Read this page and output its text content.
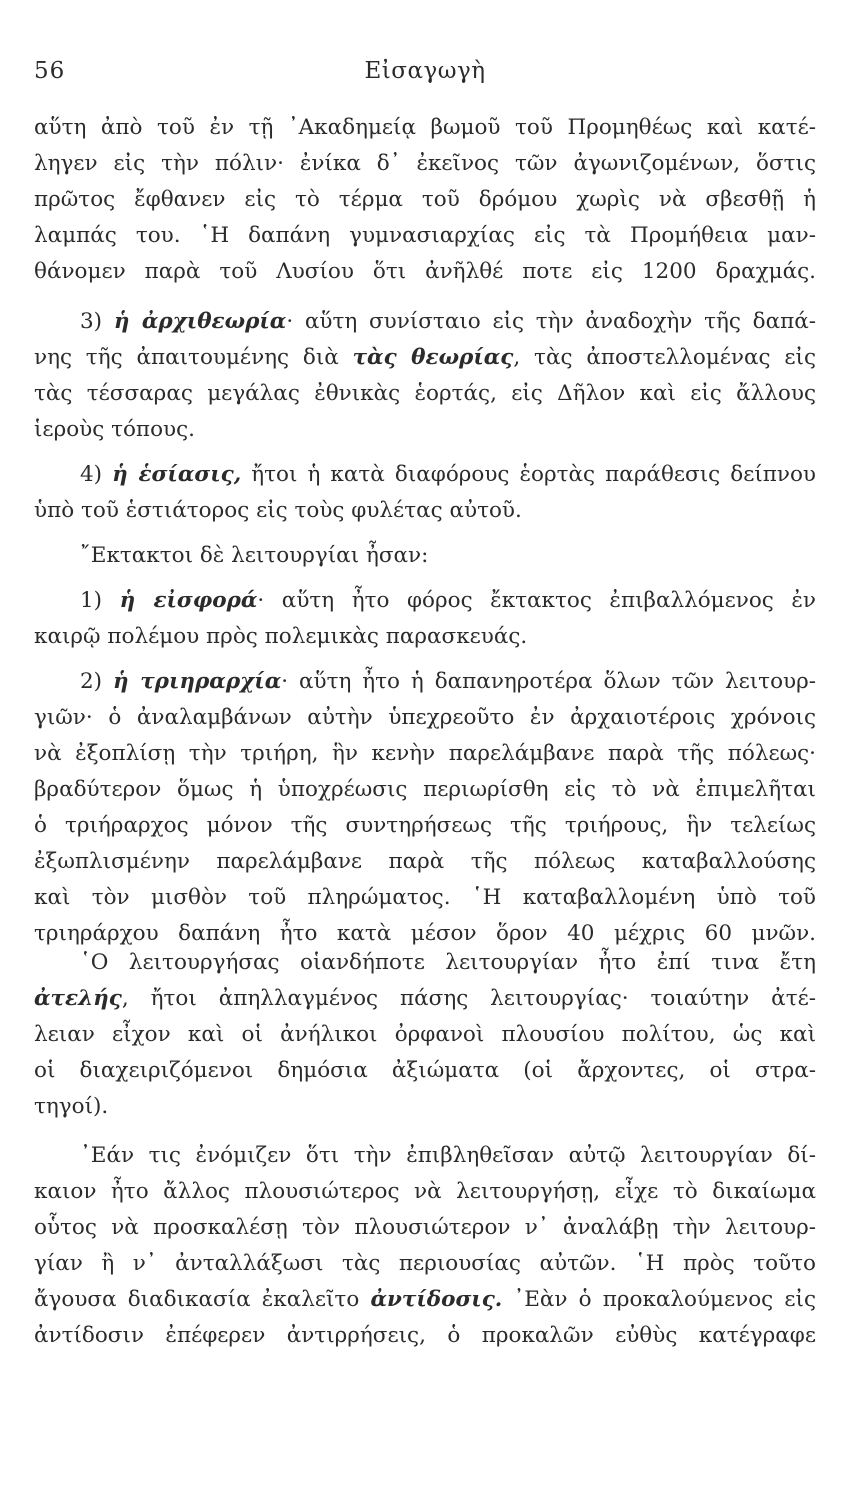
56	Εἰσαγωγὴ
αὕτη ἀπὸ τοῦ ἐν τῇ ᾿Ακαδημείᾳ βωμοῦ τοῦ Προμηθέως καὶ κατέ-
ληγεν εἰς τὴν πόλιν· ἐνίκα δ᾿ ἐκεῖνος τῶν ἀγωνιζομένων, ὅστις
πρῶτος ἔφθανεν εἰς τὸ τέρμα τοῦ δρόμου χωρὶς νὰ σβεσθῇ ἡ
λαμπάς του. ῾Η δαπάνη γυμνασιαρχίας εἰς τὰ Προμήθεια μαν-
θάνομεν παρὰ τοῦ Λυσίου ὅτι ἀνῆλθέ ποτε εἰς 1200 δραχμάς.
3) ἡ ἀρχιθεωρία· αὕτη συνίσταιο εἰς τὴν ἀναδοχὴν τῆς δαπά-
νης τῆς ἀπαιτουμένης διὰ τὰς θεωρίας, τὰς ἀποστελλομένας εἰς
τὰς τέσσαρας μεγάλας ἐθνικὰς ἑορτάς, εἰς Δῆλον καὶ εἰς ἄλλους
ἱεροὺς τόπους.
4) ἡ ἑσίασις, ἤτοι ἡ κατὰ διαφόρους ἑορτὰς παράθεσις δείπνου
ὑπὸ τοῦ ἑστιάτορος εἰς τοὺς φυλέτας αὐτοῦ.
῎Εκτακτοι δὲ λειτουργίαι ἦσαν:
1) ἡ εἰσφορά· αὕτη ἦτο φόρος ἔκτακτος ἐπιβαλλόμενος ἐν
καιρῷ πολέμου πρὸς πολεμικὰς παρασκευάς.
2) ἡ τριηραρχία· αὕτη ἦτο ἡ δαπανηροτέρα ὅλων τῶν λειτουρ-
γιῶν· ὁ ἀναλαμβάνων αὐτὴν ὑπεχρεοῦτο ἐν ἀρχαιοτέροις χρόνοις
νὰ ἐξοπλίσῃ τὴν τριήρη, ἣν κενὴν παρελάμβανε παρὰ τῆς πόλεως·
βραδύτερον ὅμως ἡ ὑποχρέωσις περιωρίσθη εἰς τὸ νὰ ἐπιμελῆται
ὁ τριήραρχος μόνον τῆς συντηρήσεως τῆς τριήρους, ἣν τελείως
ἐξωπλισμένην παρελάμβανε παρὰ τῆς πόλεως καταβαλλούσης
καὶ τὸν μισθὸν τοῦ πληρώματος. ῾Η καταβαλλομένη ὑπὸ τοῦ
τριηράρχου δαπάνη ἦτο κατὰ μέσον ὅρον 40 μέχρις 60 μνῶν.
῾Ο λειτουργήσας οἱανδήποτε λειτουργίαν ἦτο ἐπί τινα ἔτη
ἀτελής, ἤτοι ἀπηλλαγμένος πάσης λειτουργίας· τοιαύτην ἀτέ-
λειαν εἶχον καὶ οἱ ἀνήλικοι ὀρφανοὶ πλουσίου πολίτου, ὡς καὶ
οἱ διαχειριζόμενοι δημόσια ἀξιώματα (οἱ ἄρχοντες, οἱ στρα-
τηγοί).
᾿Εάν τις ἐνόμιζεν ὅτι τὴν ἐπιβληθεῖσαν αὐτῷ λειτουργίαν δί-
καιον ἦτο ἄλλος πλουσιώτερος νὰ λειτουργήσῃ, εἶχε τὸ δικαίωμα
οὗτος νὰ προσκαλέσῃ τὸν πλουσιώτερον ν᾿ ἀναλάβῃ τὴν λειτουρ-
γίαν ἢ ν᾿ ἀνταλλάξωσι τὰς περιουσίας αὐτῶν. ῾Η πρὸς τοῦτο
ἄγουσα διαδικασία ἐκαλεῖτο ἀντίδοσις. ᾿Εὰν ὁ προκαλούμενος εἰς
ἀντίδοσιν ἐπέφερεν ἀντιρρήσεις, ὁ προκαλῶν εὐθὺς κατέγραφε
